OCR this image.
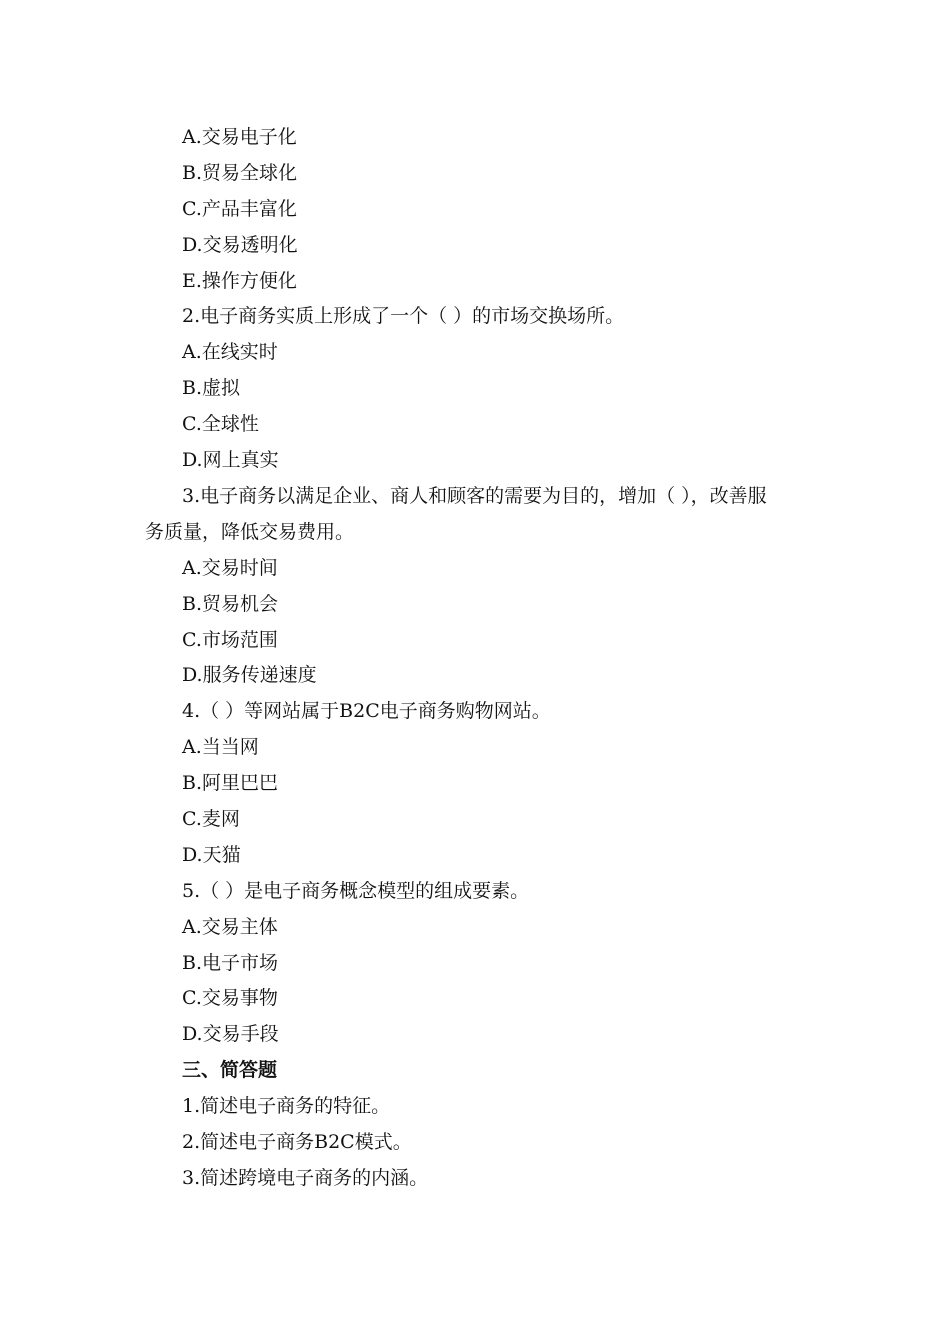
A.交易电子化
B.贸易全球化
C.产品丰富化
D.交易透明化
E.操作方便化
2.电子商务实质上形成了一个（ ）的市场交换场所。
A.在线实时
B.虚拟
C.全球性
D.网上真实
3.电子商务以满足企业、商人和顾客的需要为目的，增加（ ），改善服
务质量，降低交易费用。
A.交易时间
B.贸易机会
C.市场范围
D.服务传递速度
4.（ ）等网站属于B2C电子商务购物网站。
A.当当网
B.阿里巴巴
C.麦网
D.天猫
5.（ ）是电子商务概念模型的组成要素。
A.交易主体
B.电子市场
C.交易事物
D.交易手段
三、简答题
1.简述电子商务的特征。
2.简述电子商务B2C模式。
3.简述跨境电子商务的内涵。
